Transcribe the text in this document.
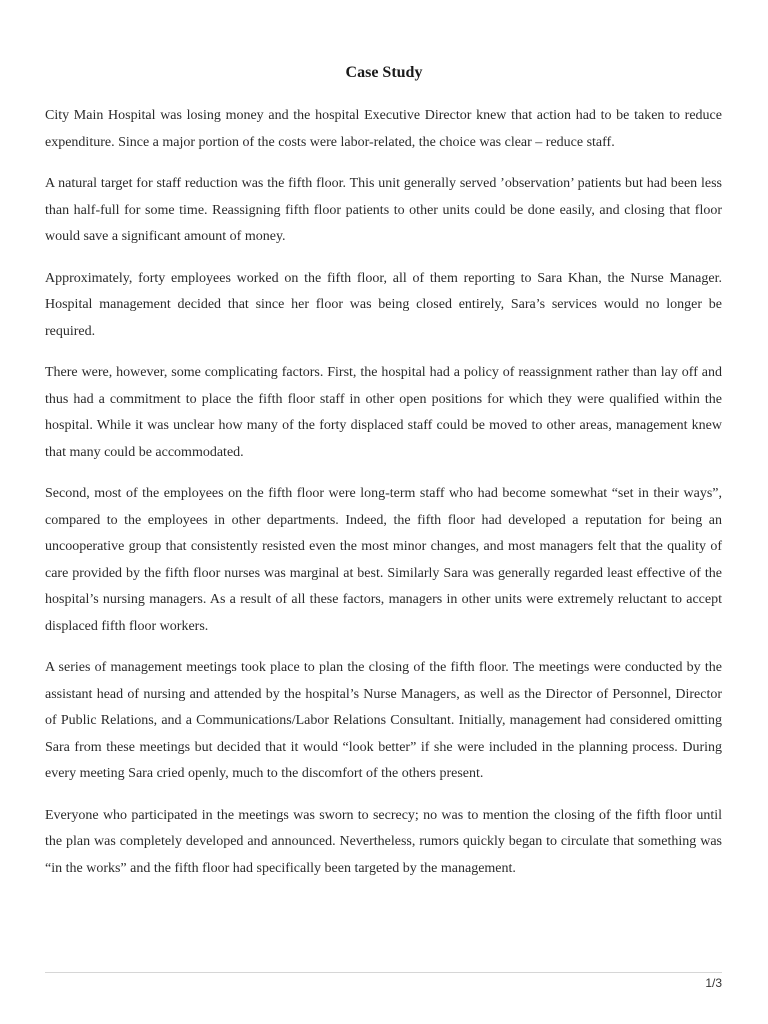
Case Study

City Main Hospital was losing money and the hospital Executive Director knew that action had to be taken to reduce expenditure. Since a major portion of the costs were labor-related, the choice was clear – reduce staff.

A natural target for staff reduction was the fifth floor. This unit generally served ’observation’ patients but had been less than half-full for some time. Reassigning fifth floor patients to other units could be done easily, and closing that floor would save a significant amount of money.

Approximately, forty employees worked on the fifth floor, all of them reporting to Sara Khan, the Nurse Manager. Hospital management decided that since her floor was being closed entirely, Sara’s services would no longer be required.

There were, however, some complicating factors. First, the hospital had a policy of reassignment rather than lay off and thus had a commitment to place the fifth floor staff in other open positions for which they were qualified within the hospital. While it was unclear how many of the forty displaced staff could be moved to other areas, management knew that many could be accommodated.

Second, most of the employees on the fifth floor were long-term staff who had become somewhat “set in their ways”, compared to the employees in other departments. Indeed, the fifth floor had developed a reputation for being an uncooperative group that consistently resisted even the most minor changes, and most managers felt that the quality of care provided by the fifth floor nurses was marginal at best. Similarly Sara was generally regarded least effective of the hospital’s nursing managers. As a result of all these factors, managers in other units were extremely reluctant to accept displaced fifth floor workers.

A series of management meetings took place to plan the closing of the fifth floor. The meetings were conducted by the assistant head of nursing and attended by the hospital’s Nurse Managers, as well as the Director of Personnel, Director of Public Relations, and a Communications/Labor Relations Consultant. Initially, management had considered omitting Sara from these meetings but decided that it would “look better” if she were included in the planning process. During every meeting Sara cried openly, much to the discomfort of the others present.

Everyone who participated in the meetings was sworn to secrecy; no was to mention the closing of the fifth floor until the plan was completely developed and announced. Nevertheless, rumors quickly began to circulate that something was “in the works” and the fifth floor had specifically been targeted by the management.

1/3
